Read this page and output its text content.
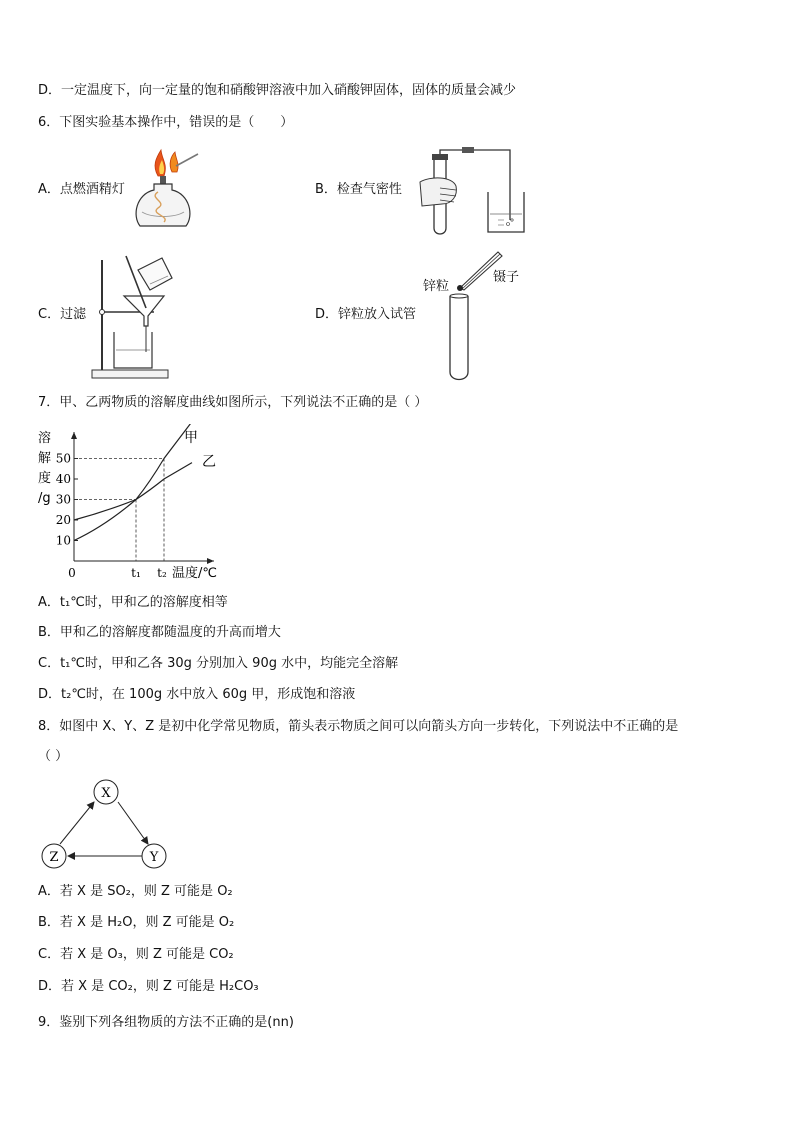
D．一定温度下，向一定量的饱和硝酸钾溶液中加入硝酸钾固体，固体的质量会减少
6．下图实验基本操作中，错误的是（　　）
A．点燃酒精灯	B．检查气密性
C．过滤	D．锌粒放入试管
锌粒
镊子
7．甲、乙两物质的溶解度曲线如图所示，下列说法不正确的是（ ）
10
20
30
40
50
溶
解
度
/g
0	t₁ t₂ 温度/℃
甲
乙
A．t₁℃时，甲和乙的溶解度相等
B．甲和乙的溶解度都随温度的升高而增大
C．t₁℃时，甲和乙各 30g 分别加入 90g 水中，均能完全溶解
D．t₂℃时，在 100g 水中放入 60g 甲，形成饱和溶液
8．如图中 X、Y、Z 是初中化学常见物质，箭头表示物质之间可以向箭头方向一步转化，下列说法中不正确的是
（ ）
X
Y
Z
A．若 X 是 SO₂，则 Z 可能是 O₂
B．若 X 是 H₂O，则 Z 可能是 O₂
C．若 X 是 O₃，则 Z 可能是 CO₂
D．若 X 是 CO₂，则 Z 可能是 H₂CO₃
9．鉴别下列各组物质的方法不正确的是(nn)
